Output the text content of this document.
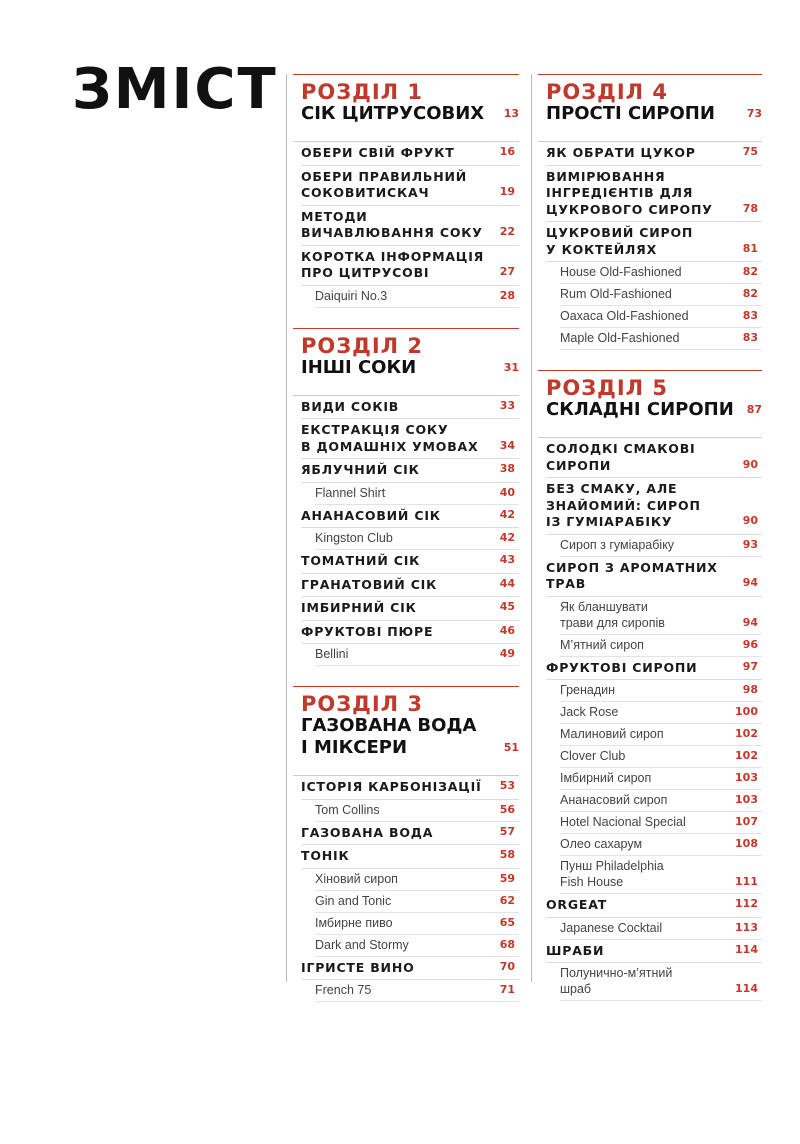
ЗМІСТ РОЗДІЛ 1
СІК ЦИТРУСОВИХ	13
ОБЕРИ СВІЙ ФРУКТ	16
ОБЕРИ ПРАВИЛЬНИЙ
СОКОВИТИСКАЧ	19
МЕТОДИ
ВИЧАВЛЮВАННЯ СОКУ 22
КОРОТКА ІНФОРМАЦІЯ
ПРО ЦИТРУСОВІ	27
Daiquiri No.3	28
РОЗДІЛ 2
ІНШІ СОКИ	31
ВИДИ СОКІВ	33
ЕКСТРАКЦІЯ СОКУ
В ДОМАШНІХ УМОВАХ 34
ЯБЛУЧНИЙ СІК	38
Flannel Shirt	40
АНАНАСОВИЙ СІК	42
Kingston Club	42
ТОМАТНИЙ СІК	43
ГРАНАТОВИЙ СІК	44
ІМБИРНИЙ СІК	45
ФРУКТОВІ ПЮРЕ	46
Bellini	49
РОЗДІЛ 3
ГАЗОВАНА ВОДА
І МІКСЕРИ	51
ІСТОРІЯ КАРБОНІЗАЦІЇ 53
Tom Collins	56
ГАЗОВАНА ВОДА	57
ТОНІК	58
Хіновий сироп	59
Gin and Tonic	62
Імбирне пиво	65
Dark and Stormy	68
ІГРИСТЕ ВИНО	70
French 75	71
РОЗДІЛ 4
ПРОСТІ СИРОПИ	73
ЯК ОБРАТИ ЦУКОР	75
ВИМІРЮВАННЯ
ІНГРЕДІЄНТІВ ДЛЯ
ЦУКРОВОГО СИРОПУ	78
ЦУКРОВИЙ СИРОП
У КОКТЕЙЛЯХ	81
House Old-Fashioned	82
Rum Old-Fashioned	82
Oaxaca Old-Fashioned	83
Maple Old-Fashioned	83
РОЗДІЛ 5
СКЛАДНІ СИРОПИ	87
СОЛОДКІ СМАКОВІ
СИРОПИ	90
БЕЗ СМАКУ, АЛЕ
ЗНАЙОМИЙ: СИРОП
ІЗ ГУМІАРАБІКУ	90
Сироп з гуміарабіку	93
СИРОП З АРОМАТНИХ
ТРАВ	94
Як бланшувати
трави для сиропів	94
М’ятний сироп	96
ФРУКТОВІ СИРОПИ	97
Гренадин	98
Jack Rose	100
Малиновий сироп	102
Clover Club	102
Імбирний сироп	103
Ананасовий сироп	103
Hotel Nacional Special	107
Олео сахарум	108
Пунш Philadelphia
Fish House	111
ORGEAT	112
Japanese Cocktail	113
ШРАБИ	114
Полунично-м’ятний
шраб	114
